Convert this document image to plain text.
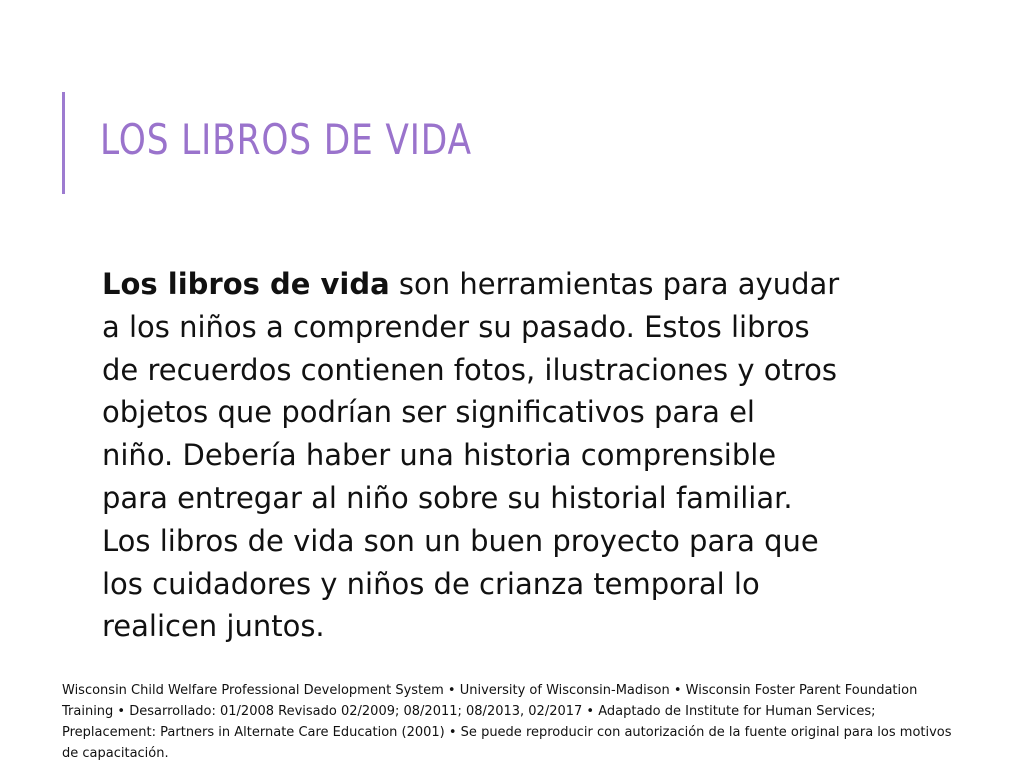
LOS LIBROS DE VIDA
Los libros de vida son herramientas para ayudar
a los niños a comprender su pasado. Estos libros
de recuerdos contienen fotos, ilustraciones y otros
objetos que podrían ser significativos para el
niño. Debería haber una historia comprensible
para entregar al niño sobre su historial familiar.
Los libros de vida son un buen proyecto para que
los cuidadores y niños de crianza temporal lo
realicen juntos.
Wisconsin Child Welfare Professional Development System • University of Wisconsin-Madison • Wisconsin Foster Parent Foundation
Training • Desarrollado: 01/2008 Revisado 02/2009; 08/2011; 08/2013, 02/2017 • Adaptado de Institute for Human Services;
Preplacement: Partners in Alternate Care Education (2001) • Se puede reproducir con autorización de la fuente original para los motivos
de capacitación.
